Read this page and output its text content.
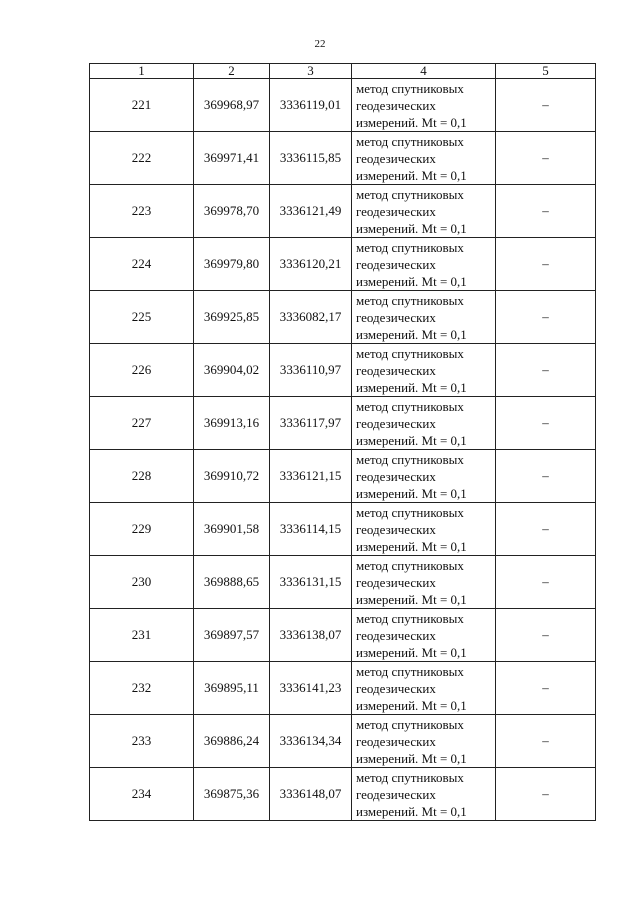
22
1	2	3	4	5
221	369968,97	3336119,01	метод спутниковых
геодезических
измерений. Mt = 0,1	–
222	369971,41	3336115,85	метод спутниковых
геодезических
измерений. Mt = 0,1	–
223	369978,70	3336121,49	метод спутниковых
геодезических
измерений. Mt = 0,1	–
224	369979,80	3336120,21	метод спутниковых
геодезических
измерений. Mt = 0,1	–
225	369925,85	3336082,17	метод спутниковых
геодезических
измерений. Mt = 0,1	–
226	369904,02	3336110,97	метод спутниковых
геодезических
измерений. Mt = 0,1	–
227	369913,16	3336117,97	метод спутниковых
геодезических
измерений. Mt = 0,1	–
228	369910,72	3336121,15	метод спутниковых
геодезических
измерений. Mt = 0,1	–
229	369901,58	3336114,15	метод спутниковых
геодезических
измерений. Mt = 0,1	–
230	369888,65	3336131,15	метод спутниковых
геодезических
измерений. Mt = 0,1	–
231	369897,57	3336138,07	метод спутниковых
геодезических
измерений. Mt = 0,1	–
232	369895,11	3336141,23	метод спутниковых
геодезических
измерений. Mt = 0,1	–
233	369886,24	3336134,34	метод спутниковых
геодезических
измерений. Mt = 0,1	–
234	369875,36	3336148,07	метод спутниковых
геодезических
измерений. Mt = 0,1	–
